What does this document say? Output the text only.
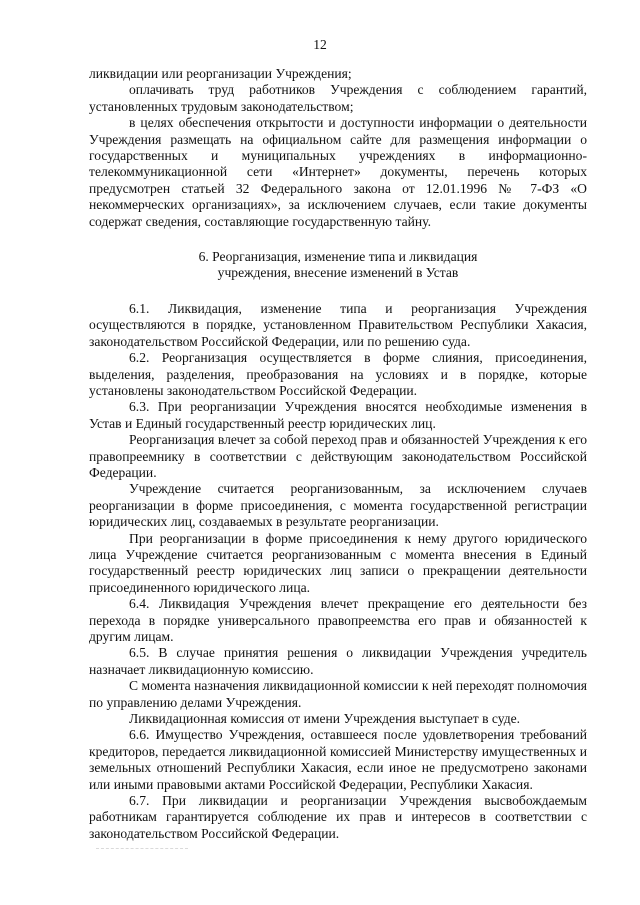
12

ликвидации или реорганизации Учреждения;

оплачивать труд работников Учреждения с соблюдением гарантий, установленных трудовым законодательством;

в целях обеспечения открытости и доступности информации о деятельности Учреждения размещать на официальном сайте для размещения информации о государственных и муниципальных учреждениях в информационно-телекоммуникационной сети «Интернет» документы, перечень которых предусмотрен статьей 32 Федерального закона от 12.01.1996 № 7-ФЗ «О некоммерческих организациях», за исключением случаев, если такие документы содержат сведения, составляющие государственную тайну.

6. Реорганизация, изменение типа и ликвидация
учреждения, внесение изменений в Устав

6.1. Ликвидация, изменение типа и реорганизация Учреждения осуществляются в порядке, установленном Правительством Республики Хакасия, законодательством Российской Федерации, или по решению суда.

6.2. Реорганизация осуществляется в форме слияния, присоединения, выделения, разделения, преобразования на условиях и в порядке, которые установлены законодательством Российской Федерации.

6.3. При реорганизации Учреждения вносятся необходимые изменения в Устав и Единый государственный реестр юридических лиц.

Реорганизация влечет за собой переход прав и обязанностей Учреждения к его правопреемнику в соответствии с действующим законодательством Российской Федерации.

Учреждение считается реорганизованным, за исключением случаев реорганизации в форме присоединения, с момента государственной регистрации юридических лиц, создаваемых в результате реорганизации.

При реорганизации в форме присоединения к нему другого юридического лица Учреждение считается реорганизованным с момента внесения в Единый государственный реестр юридических лиц записи о прекращении деятельности присоединенного юридического лица.

6.4. Ликвидация Учреждения влечет прекращение его деятельности без перехода в порядке универсального правопреемства его прав и обязанностей к другим лицам.

6.5. В случае принятия решения о ликвидации Учреждения учредитель назначает ликвидационную комиссию.

С момента назначения ликвидационной комиссии к ней переходят полномочия по управлению делами Учреждения.

Ликвидационная комиссия от имени Учреждения выступает в суде.

6.6. Имущество Учреждения, оставшееся после удовлетворения требований кредиторов, передается ликвидационной комиссией Министерству имущественных и земельных отношений Республики Хакасия, если иное не предусмотрено законами или иными правовыми актами Российской Федерации, Республики Хакасия.

6.7. При ликвидации и реорганизации Учреждения высвобождаемым работникам гарантируется соблюдение их прав и интересов в соответствии с законодательством Российской Федерации.
